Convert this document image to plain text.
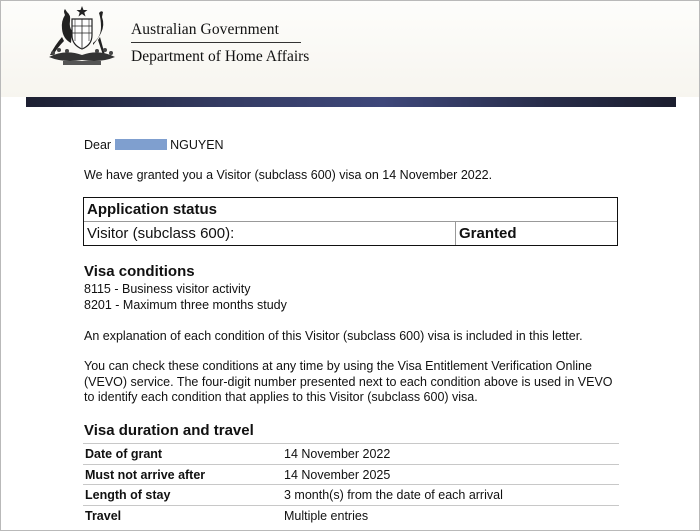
Australian Government
Department of Home Affairs
Dear	NGUYEN
We have granted you a Visitor (subclass 600) visa on 14 November 2022.
Application status
Visitor (subclass 600):	Granted
Visa conditions
8115 - Business visitor activity
8201 - Maximum three months study
An explanation of each condition of this Visitor (subclass 600) visa is included in this letter.
You can check these conditions at any time by using the Visa Entitlement Verification Online (VEVO) service. The four-digit number presented next to each condition above is used in VEVO to identify each condition that applies to this Visitor (subclass 600) visa.
Visa duration and travel
Date of grant	14 November 2022
Must not arrive after	14 November 2025
Length of stay	3 month(s) from the date of each arrival
Travel	Multiple entries
